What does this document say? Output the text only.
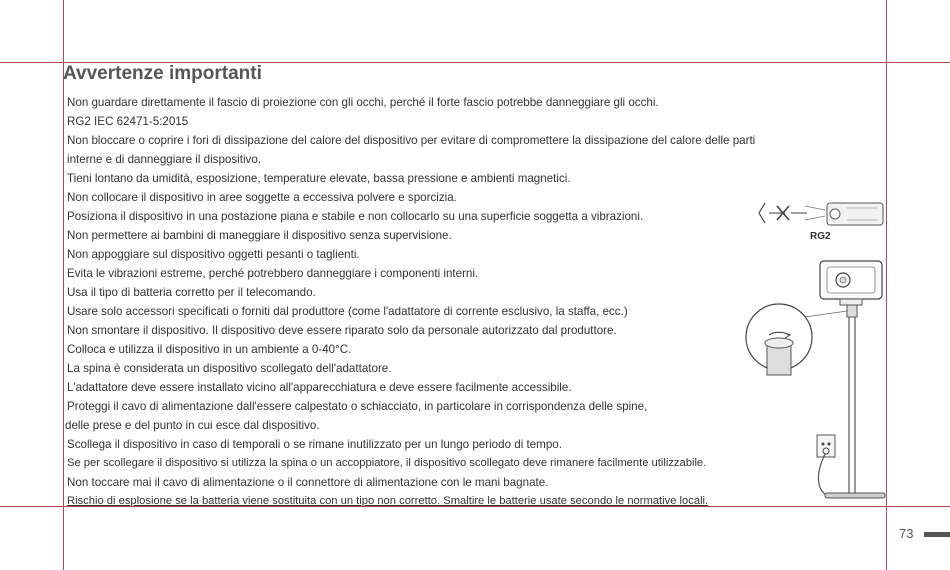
Avvertenze importanti
Non guardare direttamente il fascio di proiezione con gli occhi, perché il forte fascio potrebbe danneggiare gli occhi.
RG2 IEC 62471-5:2015
Non bloccare o coprire i fori di dissipazione del calore del dispositivo per evitare di compromettere la dissipazione del calore delle parti
interne e di danneggiare il dispositivo.
Tieni lontano da umidità, esposizione, temperature elevate, bassa pressione e ambienti magnetici.
Non collocare il dispositivo in aree soggette a eccessiva polvere e sporcizia.
Posiziona il dispositivo in una postazione piana e stabile e non collocarlo su una superficie soggetta a vibrazioni.
Non permettere ai bambini di maneggiare il dispositivo senza supervisione.
Non appoggiare sul dispositivo oggetti pesanti o taglienti.
Evita le vibrazioni estreme, perché potrebbero danneggiare i componenti interni.
Usa il tipo di batteria corretto per il telecomando.
Usare solo accessori specificati o forniti dal produttore (come l'adattatore di corrente esclusivo, la staffa, ecc.)
Non smontare il dispositivo. Il dispositivo deve essere riparato solo da personale autorizzato dal produttore.
Colloca e utilizza il dispositivo in un ambiente a 0-40°C.
La spina è considerata un dispositivo scollegato dell'adattatore.
L'adattatore deve essere installato vicino all'apparecchiatura e deve essere facilmente accessibile.
Proteggi il cavo di alimentazione dall'essere calpestato o schiacciato, in particolare in corrispondenza delle spine,
delle prese e del punto in cui esce dal dispositivo.
Scollega il dispositivo in caso di temporali o se rimane inutilizzato per un lungo periodo di tempo.
Se per scollegare il dispositivo si utilizza la spina o un accoppiatore, il dispositivo scollegato deve rimanere facilmente utilizzabile.
Non toccare mai il cavo di alimentazione o il connettore di alimentazione con le mani bagnate.
Rischio di esplosione se la batteria viene sostituita con un tipo non corretto. Smaltire le batterie usate secondo le normative locali.
RG2
73
